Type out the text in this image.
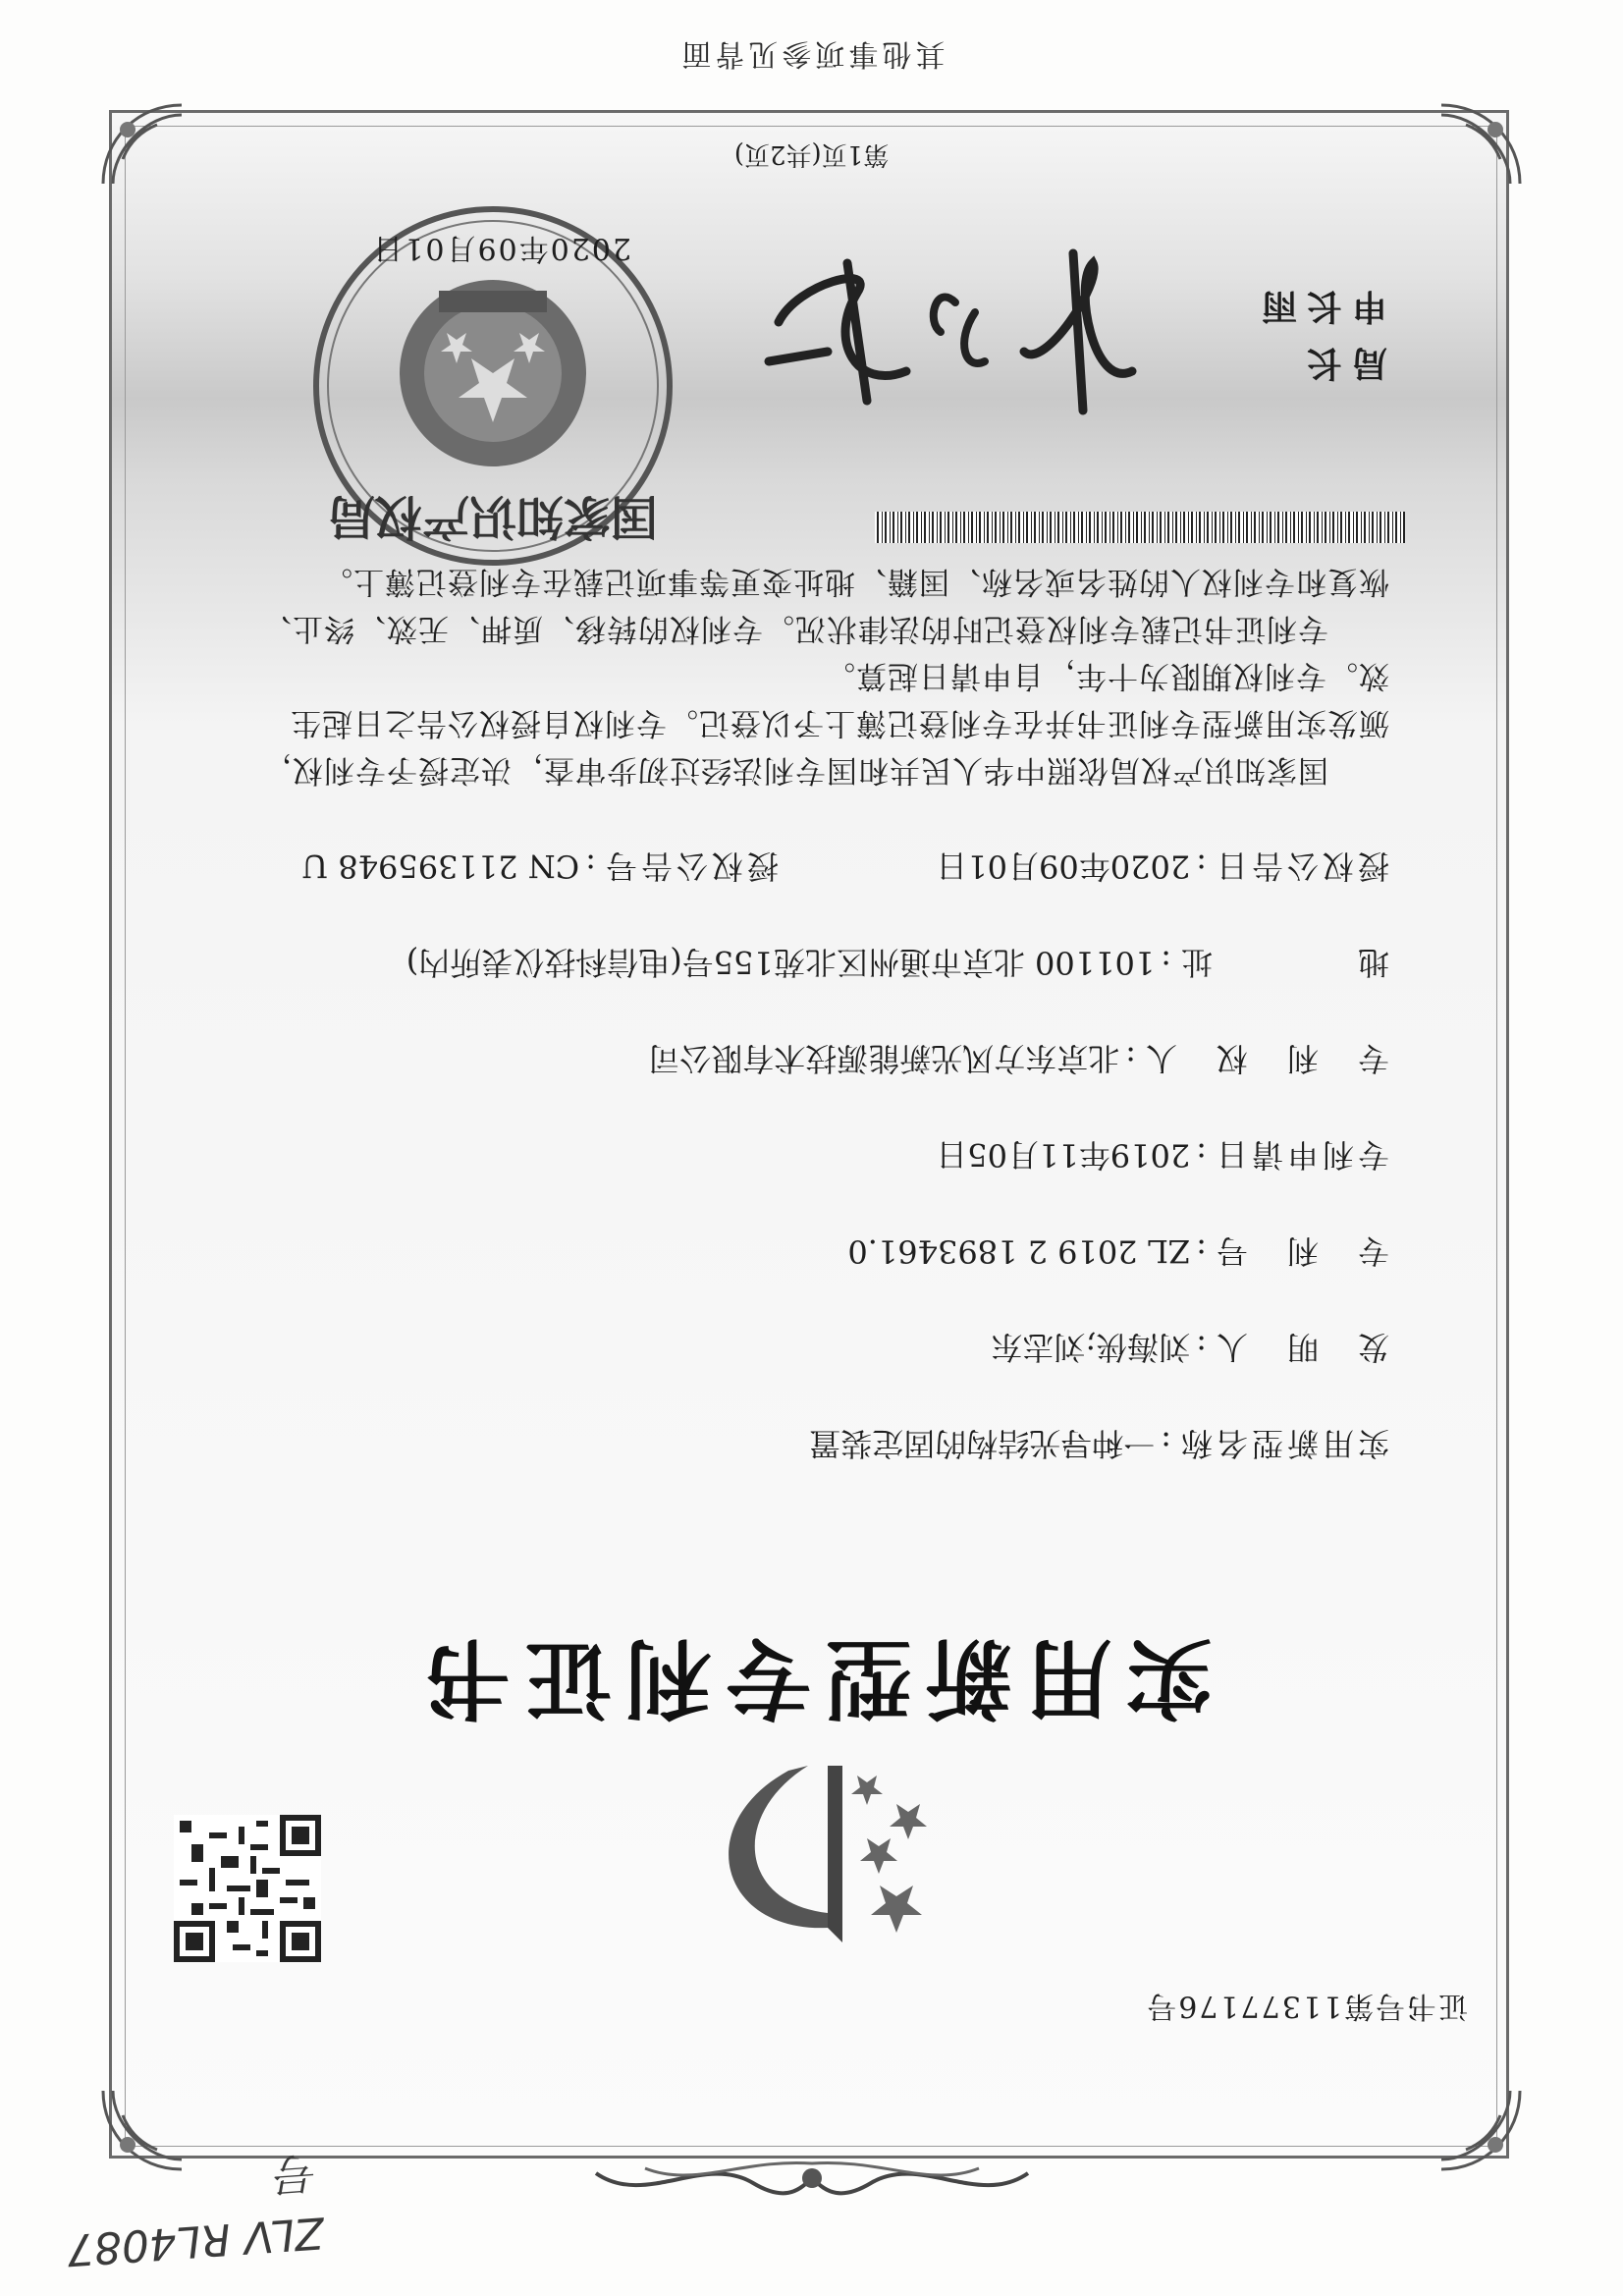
证书号第11377176号
实用新型专利证书
实用新型名称:一种导光结构的固定装置
发　明　人:刘海侠;刘志东
专　利　号:ZL 2019 2 1893461.0
专利申请日:2019年11月05日
专　利　权　人:北京东方风光新能源技术有限公司
地　　　　址:101100 北京市通州区北苑155号(电信科技仪表所内)
授权公告日:2020年09月01日  授权公告号:CN 211395948 U

国家知识产权局依照中华人民共和国专利法经过初步审查，决定授予专利权，颁发实用新型专利证书并在专利登记簿上予以登记。专利权自授权公告之日起生效。专利权期限为十年，自申请日起算。

专利证书记载专利权登记时的法律状况。专利权的转移、质押、无效、终止、恢复和专利权人的姓名或名称、国籍、地址变更等事项记载在专利登记簿上。

局长
申长雨
国家知识产权局
2020年09月01日
第1页(共2页)
其他事项参见背面
ZLV RL4087 号
